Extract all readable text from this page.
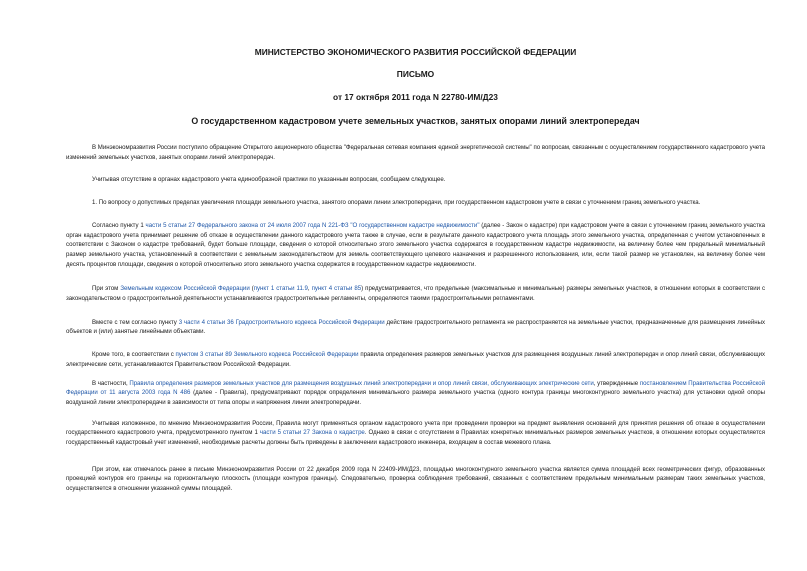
МИНИСТЕРСТВО ЭКОНОМИЧЕСКОГО РАЗВИТИЯ РОССИЙСКОЙ ФЕДЕРАЦИИ

ПИСЬМО

от 17 октября 2011 года N 22780-ИМ/Д23

О государственном кадастровом учете земельных участков, занятых опорами линий электропередач

В Минэкономразвития России поступило обращение Открытого акционерного общества "Федеральная сетевая компания единой энергетической системы" по вопросам, связанным с осуществлением государственного кадастрового учета изменений земельных участков, занятых опорами линий электропередач.

Учитывая отсутствие в органах кадастрового учета единообразной практики по указанным вопросам, сообщаем следующее.

1. По вопросу о допустимых пределах увеличения площади земельного участка, занятого опорами линии электропередачи, при государственном кадастровом учете в связи с уточнением границ земельного участка.

Согласно пункту 1 части 5 статьи 27 Федерального закона от 24 июля 2007 года N 221-ФЗ "О государственном кадастре недвижимости" (далее - Закон о кадастре) при кадастровом учете в связи с уточнением границ земельного участка орган кадастрового учета принимает решение об отказе в осуществлении данного кадастрового учета также в случае, если в результате данного кадастрового учета площадь этого земельного участка, определенная с учетом установленных в соответствии с Законом о кадастре требований, будет больше площади, сведения о которой относительно этого земельного участка содержатся в государственном кадастре недвижимости, на величину более чем предельный минимальный размер земельного участка, установленный в соответствии с земельным законодательством для земель соответствующего целевого назначения и разрешенного использования, или, если такой размер не установлен, на величину более чем десять процентов площади, сведения о которой относительно этого земельного участка содержатся в государственном кадастре недвижимости.

При этом Земельным кодексом Российской Федерации (пункт 1 статьи 11.9, пункт 4 статьи 85) предусматривается, что предельные (максимальные и минимальные) размеры земельных участков, в отношении которых в соответствии с законодательством о градостроительной деятельности устанавливаются градостроительные регламенты, определяются такими градостроительными регламентами.

Вместе с тем согласно пункту 3 части 4 статьи 36 Градостроительного кодекса Российской Федерации действие градостроительного регламента не распространяется на земельные участки, предназначенные для размещения линейных объектов и (или) занятые линейными объектами.

Кроме того, в соответствии с пунктом 3 статьи 89 Земельного кодекса Российской Федерации правила определения размеров земельных участков для размещения воздушных линий электропередач и опор линий связи, обслуживающих электрические сети, устанавливаются Правительством Российской Федерации.

В частности, Правила определения размеров земельных участков для размещения воздушных линий электропередачи и опор линий связи, обслуживающих электрические сети, утвержденные постановлением Правительства Российской Федерации от 11 августа 2003 года N 486 (далее - Правила), предусматривают порядок определения минимального размера земельного участка (одного контура границы многоконтурного земельного участка) для установки одной опоры воздушной линии электропередачи в зависимости от типа опоры и напряжения линии электропередачи.

Учитывая изложенное, по мнению Минэкономразвития России, Правила могут применяться органом кадастрового учета при проведении проверки на предмет выявления оснований для принятия решения об отказе в осуществлении государственного кадастрового учета, предусмотренного пунктом 1 части 5 статьи 27 Закона о кадастре. Однако в связи с отсутствием в Правилах конкретных минимальных размеров земельных участков, в отношении которых осуществляется государственный кадастровый учет изменений, необходимые расчеты должны быть приведены в заключении кадастрового инженера, входящем в состав межевого плана.

При этом, как отмечалось ранее в письме Минэкономразвития России от 22 декабря 2009 года N 22409-ИМ/Д23, площадью многоконтурного земельного участка является сумма площадей всех геометрических фигур, образованных проекцией контуров его границы на горизонтальную плоскость (площади контуров границы). Следовательно, проверка соблюдения требований, связанных с соответствием предельным минимальным размерам таких земельных участков, осуществляется в отношении указанной суммы площадей.
